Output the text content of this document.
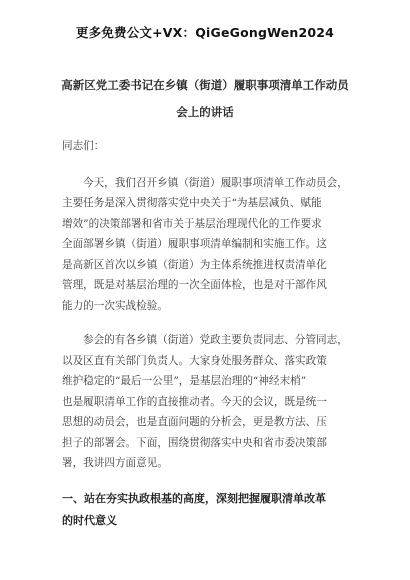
更多免费公文+VX：QiGeGongWen2024
高新区党工委书记在乡镇（街道）履职事项清单工作动员
会上的讲话
同志们：
今天，我们召开乡镇（街道）履职事项清单工作动员会，
主要任务是深入贯彻落实党中央关于“为基层减负、赋能
增效”的决策部署和省市关于基层治理现代化的工作要求
全面部署乡镇（街道）履职事项清单编制和实施工作。这
是高新区首次以乡镇（街道）为主体系统推进权责清单化
管理，既是对基层治理的一次全面体检，也是对干部作风
能力的一次实战检验。
参会的有各乡镇（街道）党政主要负责同志、分管同志，
以及区直有关部门负责人。大家身处服务群众、落实政策
维护稳定的“最后一公里”，是基层治理的“神经末梢”
也是履职清单工作的直接推动者。今天的会议，既是统一
思想的动员会，也是直面问题的分析会，更是教方法、压
担子的部署会。下面，围绕贯彻落实中央和省市委决策部
署，我讲四方面意见。
一、站在夯实执政根基的高度，深刻把握履职清单改革
的时代意义
